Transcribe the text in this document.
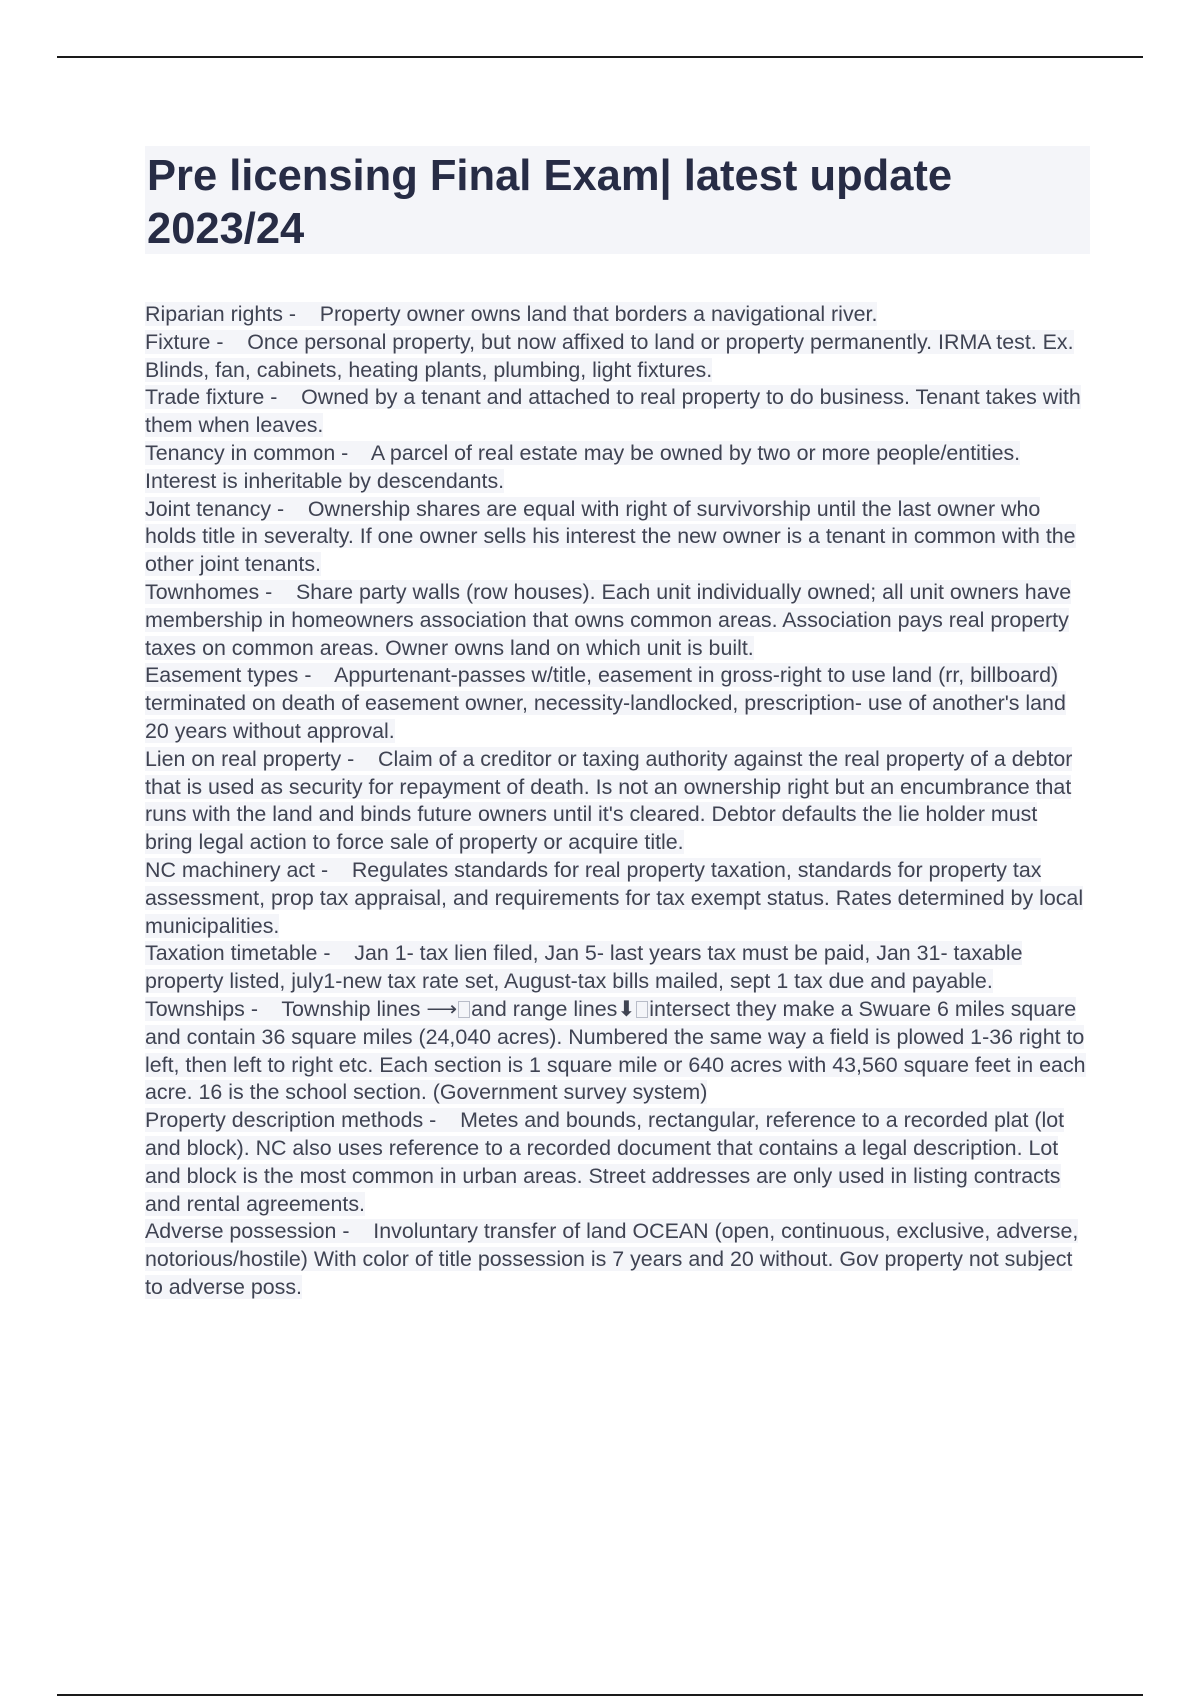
Pre licensing Final Exam| latest update 2023/24
Riparian rights -    Property owner owns land that borders a navigational river.
Fixture -    Once personal property, but now affixed to land or property permanently. IRMA test. Ex. Blinds, fan, cabinets, heating plants, plumbing, light fixtures.
Trade fixture -    Owned by a tenant and attached to real property to do business. Tenant takes with them when leaves.
Tenancy in common -    A parcel of real estate may be owned by two or more people/entities. Interest is inheritable by descendants.
Joint tenancy -    Ownership shares are equal with right of survivorship until the last owner who holds title in severalty. If one owner sells his interest the new owner is a tenant in common with the other joint tenants.
Townhomes -    Share party walls (row houses). Each unit individually owned; all unit owners have membership in homeowners association that owns common areas. Association pays real property taxes on common areas. Owner owns land on which unit is built.
Easement types -    Appurtenant-passes w/title, easement in gross-right to use land (rr, billboard) terminated on death of easement owner, necessity-landlocked, prescription- use of another's land 20 years without approval.
Lien on real property -    Claim of a creditor or taxing authority against the real property of a debtor that is used as security for repayment of death. Is not an ownership right but an encumbrance that runs with the land and binds future owners until it's cleared. Debtor defaults the lie holder must bring legal action to force sale of property or acquire title.
NC machinery act -    Regulates standards for real property taxation, standards for property tax assessment, prop tax appraisal, and requirements for tax exempt status. Rates determined by local municipalities.
Taxation timetable -    Jan 1- tax lien filed, Jan 5- last years tax must be paid, Jan 31- taxable property listed, july1-new tax rate set, August-tax bills mailed, sept 1 tax due and payable.
Townships -    Township lines ⟶ and range lines⬇ intersect they make a Swuare 6 miles square and contain 36 square miles (24,040 acres). Numbered the same way a field is plowed 1-36 right to left, then left to right etc. Each section is 1 square mile or 640 acres with 43,560 square feet in each acre. 16 is the school section. (Government survey system)
Property description methods -    Metes and bounds, rectangular, reference to a recorded plat (lot and block). NC also uses reference to a recorded document that contains a legal description. Lot and block is the most common in urban areas. Street addresses are only used in listing contracts and rental agreements.
Adverse possession -    Involuntary transfer of land OCEAN (open, continuous, exclusive, adverse, notorious/hostile) With color of title possession is 7 years and 20 without. Gov property not subject to adverse poss.
